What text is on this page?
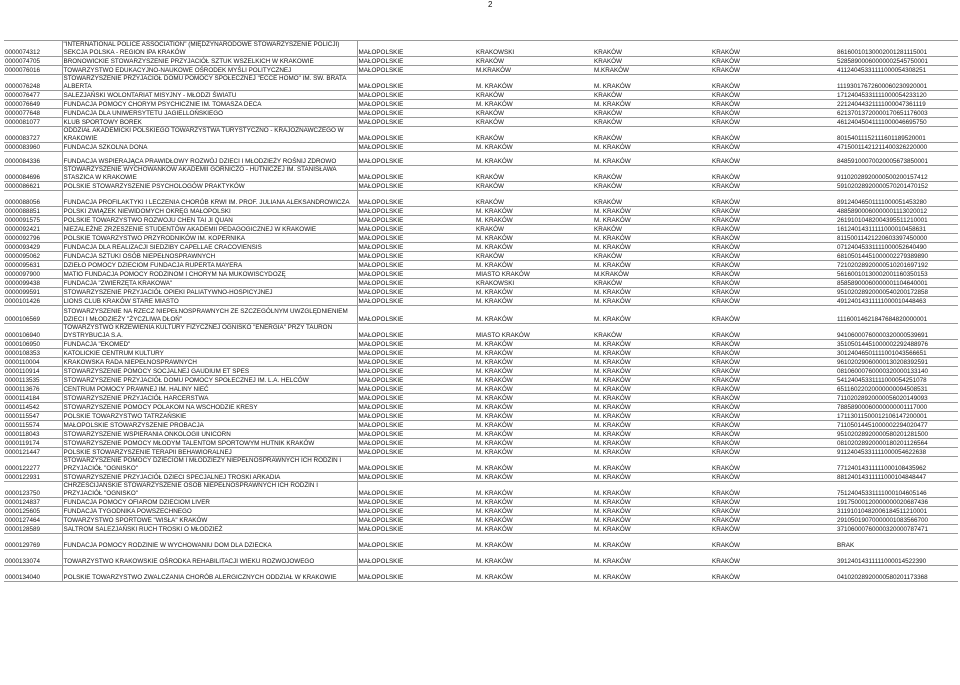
2
0000074312	"INTERNATIONAL POLICE ASSOCIATION" (MIĘDZYNARODOWE STOWARZYSZENIE POLICJI) SEKCJA POLSKA - REGION IPA KRAKÓW	MAŁOPOLSKIE	KRAKOWSKI	KRAKÓW	KRAKÓW	86160010130002001281115001
0000074705	BRONOWICKIE STOWARZYSZENIE PRZYJACIÓŁ SZTUK WSZELKICH W KRAKOWIE	MAŁOPOLSKIE	KRAKÓW	KRAKÓW	KRAKÓW	52858900060000002545750001
0000076016	TOWARZYSTWO EDUKACYJNO-NAUKOWE OŚRODEK MYŚLI POLITYCZNEJ	MAŁOPOLSKIE	M.KRAKÓW	M.KRAKÓW	KRAKÓW	41124045331111000054308251
0000076248	STOWARZYSZENIE PRZYJACIÓŁ DOMU POMOCY SPOŁECZNEJ "ECCE HOMO" IM. ŚW. BRATA ALBERTA	MAŁOPOLSKIE	M. KRAKÓW	M. KRAKÓW	KRAKÓW	11193017672600060230920001
0000076477	SALEZJAŃSKI WOLONTARIAT MISYJNY - MŁODZI ŚWIATU	MAŁOPOLSKIE	KRAKÓW	KRAKÓW	KRAKÓW	17124045331111000054233120
0000076649	FUNDACJA POMOCY CHORYM PSYCHICZNIE IM. TOMASZA DECA	MAŁOPOLSKIE	M. KRAKÓW	M. KRAKÓW	KRAKÓW	22124044321111000047361119
0000077648	FUNDACJA DLA UNIWERSYTETU JAGIELLOŃSKIEGO	MAŁOPOLSKIE	KRAKÓW	KRAKÓW	KRAKÓW	62137013720000170651176003
0000081077	KLUB SPORTOWY BOREK	MAŁOPOLSKIE	KRAKÓW	KRAKÓW	KRAKÓW	46124045041111000046695750
0000083727	ODDZIAŁ AKADEMICKI POLSKIEGO TOWARZYSTWA TURYSTYCZNO - KRAJOZNAWCZEGO W KRAKOWIE	MAŁOPOLSKIE	KRAKÓW	KRAKÓW	KRAKÓW	80154011152111601189520001
0000083960	FUNDACJA SZKOLNA DONA	MAŁOPOLSKIE	M. KRAKÓW	M. KRAKÓW	KRAKÓW	47150011421211400326220000
0000084336	FUNDACJA WSPIERAJĄCA PRAWIDŁOWY ROZWÓJ DZIECI I MŁODZIEŻY ROŚNIJ ZDROWO	MAŁOPOLSKIE	M. KRAKÓW	M. KRAKÓW	KRAKÓW	84859100070020005673850001
0000084696	STOWARZYSZENIE WYCHOWANKÓW AKADEMII GÓRNICZO - HUTNICZEJ IM. STANISŁAWA STASZICA W KRAKOWIE	MAŁOPOLSKIE	KRAKÓW	KRAKÓW	KRAKÓW	91102028920000500200157412
0000086621	POLSKIE STOWARZYSZENIE PSYCHOLOGÓW PRAKTYKÓW	MAŁOPOLSKIE	KRAKÓW	KRAKÓW	KRAKÓW	59102028920000570201470152
0000088056	FUNDACJA PROFILAKTYKI I LECZENIA CHORÓB KRWI IM. PROF. JULIANA ALEKSANDROWICZA	MAŁOPOLSKIE	KRAKÓW	KRAKÓW	KRAKÓW	89124046501111000051453280
0000088851	POLSKI ZWIĄZEK NIEWIDOMYCH OKRĘG MAŁOPOLSKI	MAŁOPOLSKIE	M. KRAKÓW	M. KRAKÓW	KRAKÓW	48858900060000001113020012
0000091575	POLSKIE TOWARZYSTWO ROZWOJU CHEN TAI JI QUAN	MAŁOPOLSKIE	M. KRAKÓW	M. KRAKÓW	KRAKÓW	26191010482004395511210001
0000092421	NIEZALEŻNE ZRZESZENIE STUDENTÓW AKADEMII PEDAGOGICZNEJ W KRAKOWIE	MAŁOPOLSKIE	KRAKÓW	KRAKÓW	KRAKÓW	16124014311111000010458631
0000092796	POLSKIE TOWARZYSTWO PRZYRODNIKÓW IM. KOPERNIKA	MAŁOPOLSKIE	M. KRAKÓW	M. KRAKÓW	KRAKÓW	81150011421220603397450000
0000093429	FUNDACJA DLA REALIZACJI SIEDZIBY CAPELLAE CRACOVIENSIS	MAŁOPOLSKIE	M. KRAKÓW	M. KRAKÓW	KRAKÓW	07124045331111000052640490
0000095062	FUNDACJA SZTUKI OSÓB NIEPEŁNOSPRAWNYCH	MAŁOPOLSKIE	KRAKÓW	KRAKÓW	KRAKÓW	68105014451000002279389890
0000095631	DZIEŁO POMOCY DZIECIOM FUNDACJA RUPERTA MAYERA	MAŁOPOLSKIE	M. KRAKÓW	M. KRAKÓW	KRAKÓW	72102028920000510201697192
0000097900	MATIO FUNDACJA POMOCY RODZINOM I CHORYM NA MUKOWISCYDOZĘ	MAŁOPOLSKIE	MIASTO KRAKÓW	M.KRAKÓW	KRAKÓW	56160010130002001160350153
0000099438	FUNDACJA "ZWIERZĘTA KRAKOWA"	MAŁOPOLSKIE	KRAKOWSKI	KRAKÓW	KRAKÓW	85858900060000001104640001
0000099591	STOWARZYSZENIE PRZYJACIÓŁ OPIEKI PALIATYWNO-HOSPICYJNEJ	MAŁOPOLSKIE	M. KRAKÓW	M. KRAKÓW	KRAKÓW	95102028920000540200172858
0000101426	LIONS CLUB KRAKÓW STARE MIASTO	MAŁOPOLSKIE	M. KRAKÓW	M. KRAKÓW	KRAKÓW	49124014311111000010448463
0000106569	STOWARZYSZENIE NA RZECZ NIEPEŁNOSPRAWNYCH ZE SZCZEGÓLNYM UWZGLĘDNIENIEM DZIECI I MŁODZIEŻY "ŻYCZLIWA DŁOŃ"	MAŁOPOLSKIE	M. KRAKÓW	M. KRAKÓW	KRAKÓW	11160014621847684820000001
0000106940	TOWARZYSTWO KRZEWIENIA KULTURY FIZYCZNEJ OGNISKO "ENERGIA" PRZY TAURON DYSTRYBUCJA S.A.	MAŁOPOLSKIE	MIASTO KRAKÓW	KRAKÓW	KRAKÓW	94106000760000320000539691
0000106950	FUNDACJA "EKOMED"	MAŁOPOLSKIE	M. KRAKÓW	M. KRAKÓW	KRAKÓW	35105014451000002292488976
0000108353	KATOLICKIE CENTRUM KULTURY	MAŁOPOLSKIE	M. KRAKÓW	M. KRAKÓW	KRAKÓW	30124046501111001043566651
0000110004	KRAKOWSKA RADA NIEPEŁNOSPRAWNYCH	MAŁOPOLSKIE	M. KRAKÓW	M. KRAKÓW	KRAKÓW	96102029060000130208392591
0000110914	STOWARZYSZENIE POMOCY SOCJALNEJ GAUDIUM ET SPES	MAŁOPOLSKIE	M. KRAKÓW	M. KRAKÓW	KRAKÓW	08106000760000320000133140
0000113535	STOWARZYSZENIE PRZYJACIÓŁ DOMU POMOCY SPOŁECZNEJ IM. L.A. HELCÓW	MAŁOPOLSKIE	M. KRAKÓW	M. KRAKÓW	KRAKÓW	54124045331111000054251078
0000113676	CENTRUM POMOCY PRAWNEJ IM. HALINY NIEĆ	MAŁOPOLSKIE	M. KRAKÓW	M. KRAKÓW	KRAKÓW	65116022020000000094508531
0000114184	STOWARZYSZENIE PRZYJACIÓŁ HARCERSTWA	MAŁOPOLSKIE	M. KRAKÓW	M. KRAKÓW	KRAKÓW	71102028920000056020149093
0000114542	STOWARZYSZENIE POMOCY POLAKOM NA WSCHODZIE KRESY	MAŁOPOLSKIE	M. KRAKÓW	M. KRAKÓW	KRAKÓW	78858900060000000001117000
0000115547	POLSKIE TOWARZYSTWO TATRZAŃSKIE	MAŁOPOLSKIE	M. KRAKÓW	M. KRAKÓW	KRAKÓW	17113011500012106147200001
0000115574	MAŁOPOLSKIE STOWARZYSZENIE PROBACJA	MAŁOPOLSKIE	M. KRAKÓW	M. KRAKÓW	KRAKÓW	71105014451000002294020477
0000118043	STOWARZYSZENIE WSPIERANIA ONKOLOGII UNICORN	MAŁOPOLSKIE	M. KRAKÓW	M. KRAKÓW	KRAKÓW	95102028920000580201281500
0000119174	STOWARZYSZENIE POMOCY MŁODYM TALENTOM SPORTOWYM HUTNIK KRAKÓW	MAŁOPOLSKIE	M. KRAKÓW	M. KRAKÓW	KRAKÓW	08102028920000180201126564
0000121447	POLSKIE STOWARZYSZENIE TERAPII BEHAWIORALNEJ	MAŁOPOLSKIE	M. KRAKÓW	M. KRAKÓW	KRAKÓW	91124045331111000054622638
0000122277	STOWARZYSZENIE POMOCY DZIECIOM I MŁODZIEŻY NIEPEŁNOSPRAWNYCH ICH RODZIN I PRZYJACIÓŁ "OGNISKO"	MAŁOPOLSKIE	M. KRAKÓW	M. KRAKÓW	KRAKÓW	77124014311111000108435962
0000122931	STOWARZYSZENIE PRZYJACIÓŁ DZIECI SPECJALNEJ TROSKI ARKADIA	MAŁOPOLSKIE	M. KRAKÓW	M. KRAKÓW	KRAKÓW	88124014311111000104848447
0000123750	CHRZEŚCIJAŃSKIE STOWARZYSZENIE OSÓB NIEPEŁNOSPRAWNYCH ICH RODZIN I PRZYJACIÓŁ "OGNISKO"	MAŁOPOLSKIE	M. KRAKÓW	M. KRAKÓW	KRAKÓW	75124045331111000104605146
0000124837	FUNDACJA POMOCY OFIAROM DZIECIOM LIVER	MAŁOPOLSKIE	M. KRAKÓW	M. KRAKÓW	KRAKÓW	19175000120000000020687436
0000125605	FUNDACJA TYGODNIKA POWSZECHNEGO	MAŁOPOLSKIE	M. KRAKÓW	M. KRAKÓW	KRAKÓW	31191010482006184511210001
0000127464	TOWARZYSTWO SPORTOWE "WISŁA" KRAKÓW	MAŁOPOLSKIE	M. KRAKÓW	M. KRAKÓW	KRAKÓW	29105019070000001083566700
0000128589	SALTROM SALEZJAŃSKI RUCH TROSKI O MŁODZIEŻ	MAŁOPOLSKIE	M. KRAKÓW	M. KRAKÓW	KRAKÓW	37106000760000320000787471
0000129769	FUNDACJA POMOCY RODZINIE W WYCHOWANIU DOM DLA DZIECKA	MAŁOPOLSKIE	M. KRAKÓW	M. KRAKÓW	KRAKÓW	BRAK
0000133074	TOWARZYSTWO KRAKOWSKIE OŚRODKA REHABILITACJI WIEKU ROZWOJOWEGO	MAŁOPOLSKIE	M. KRAKÓW	M. KRAKÓW	KRAKÓW	39124014311111000014522390
0000134040	POLSKIE TOWARZYSTWO ZWALCZANIA CHORÓB ALERGICZNYCH ODDZIAŁ W KRAKOWIE	MAŁOPOLSKIE	M. KRAKÓW	M. KRAKÓW	KRAKÓW	04102028920000580201173368
